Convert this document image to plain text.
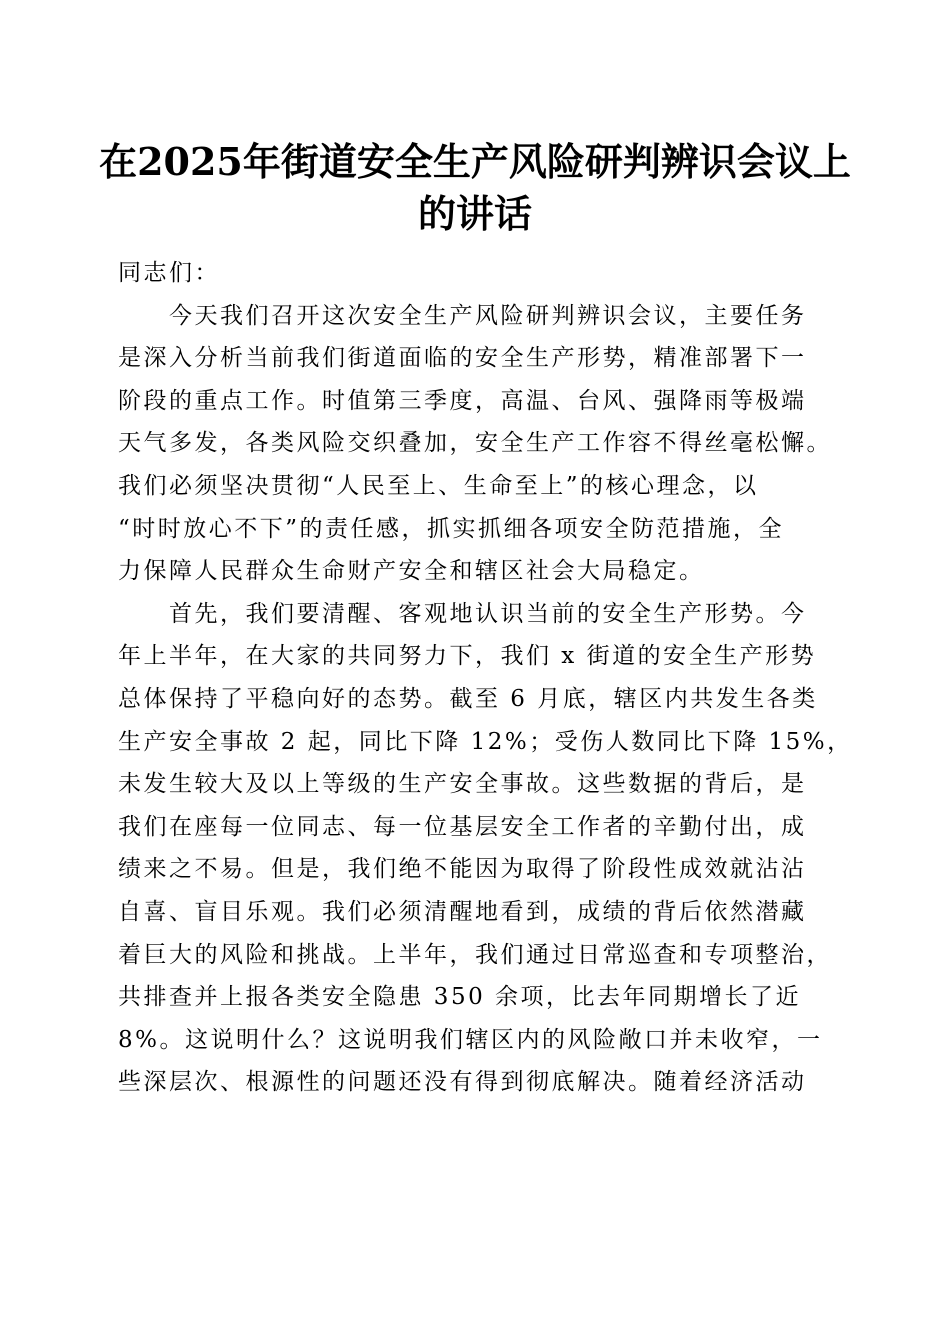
在2025年街道安全生产风险研判辨识会议上
的讲话
同志们：
　　今天我们召开这次安全生产风险研判辨识会议，主要任务
是深入分析当前我们街道面临的安全生产形势，精准部署下一
阶段的重点工作。时值第三季度，高温、台风、强降雨等极端
天气多发，各类风险交织叠加，安全生产工作容不得丝毫松懈。
我们必须坚决贯彻“人民至上、生命至上”的核心理念，以
“时时放心不下”的责任感，抓实抓细各项安全防范措施，全
力保障人民群众生命财产安全和辖区社会大局稳定。
　　首先，我们要清醒、客观地认识当前的安全生产形势。今
年上半年，在大家的共同努力下，我们 x 街道的安全生产形势
总体保持了平稳向好的态势。截至 6 月底，辖区内共发生各类
生产安全事故 2 起，同比下降 12%；受伤人数同比下降 15%，
未发生较大及以上等级的生产安全事故。这些数据的背后，是
我们在座每一位同志、每一位基层安全工作者的辛勤付出，成
绩来之不易。但是，我们绝不能因为取得了阶段性成效就沾沾
自喜、盲目乐观。我们必须清醒地看到，成绩的背后依然潜藏
着巨大的风险和挑战。上半年，我们通过日常巡查和专项整治，
共排查并上报各类安全隐患 350 余项，比去年同期增长了近
8%。这说明什么？这说明我们辖区内的风险敞口并未收窄，一
些深层次、根源性的问题还没有得到彻底解决。随着经济活动
